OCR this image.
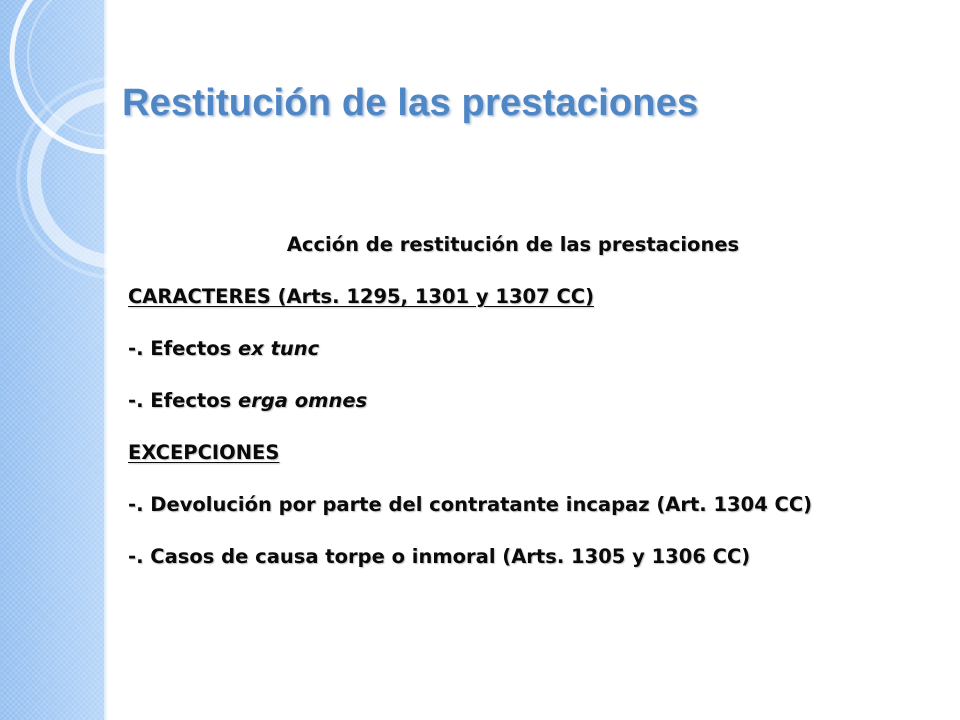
Restitución de las prestaciones

Acción de restitución de las prestaciones

CARACTERES (Arts. 1295, 1301 y 1307 CC)

-. Efectos ex tunc

-. Efectos erga omnes

EXCEPCIONES

-. Devolución por parte del contratante incapaz (Art. 1304 CC)

-. Casos de causa torpe o inmoral (Arts. 1305 y 1306 CC)
